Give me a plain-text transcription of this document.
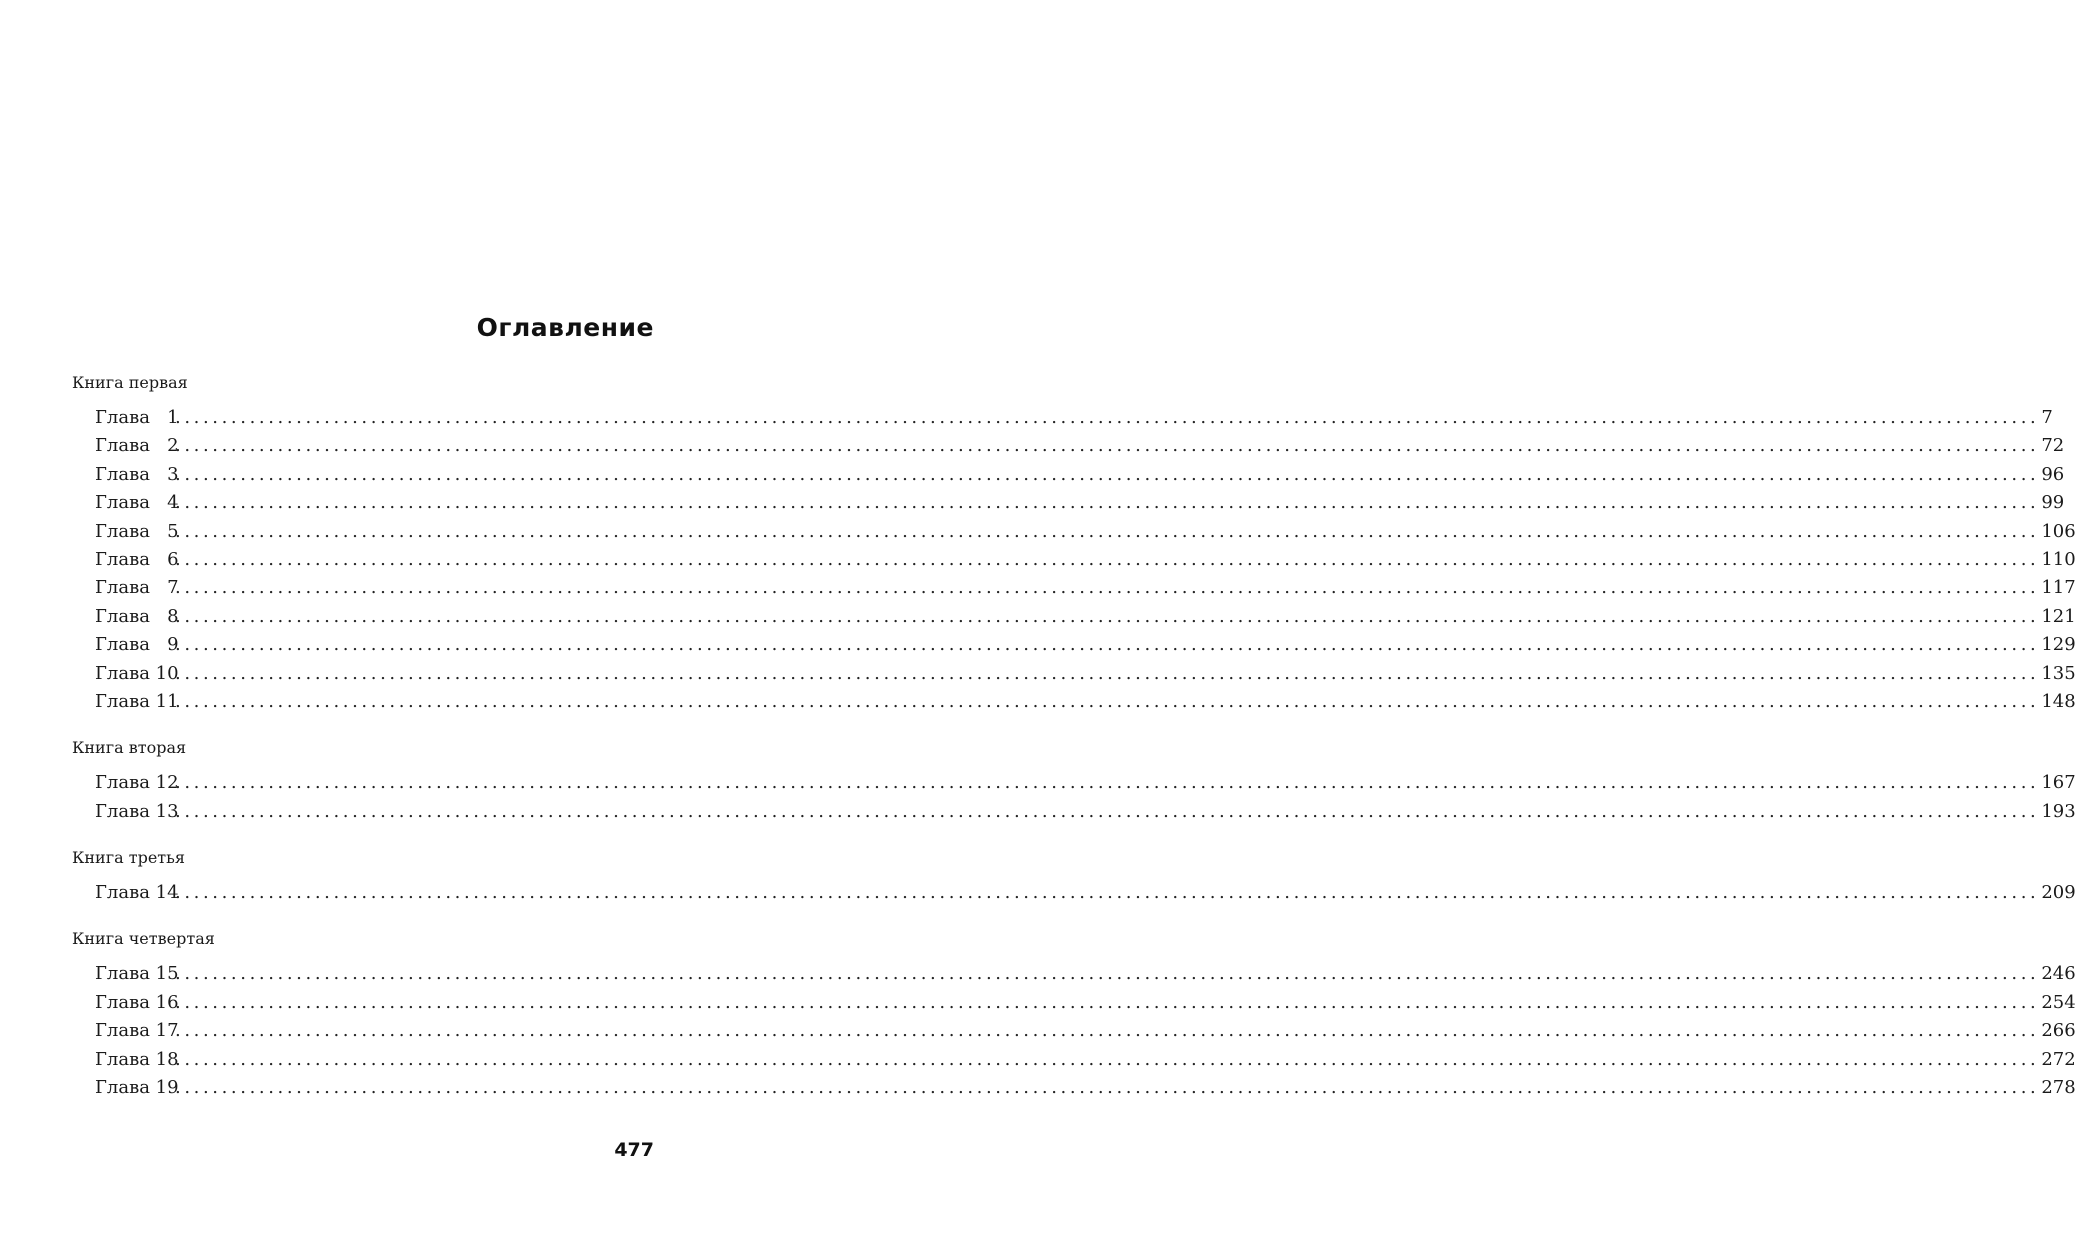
Оглавление
Книга первая
Глава   1
........................................................................................................................................................................................................ 7
Глава   2
........................................................................................................................................................................................................ 72
Глава   3
........................................................................................................................................................................................................ 96
Глава   4
........................................................................................................................................................................................................ 99
Глава   5
........................................................................................................................................................................................................ 106
Глава   6
........................................................................................................................................................................................................ 110
Глава   7
........................................................................................................................................................................................................ 117
Глава   8
........................................................................................................................................................................................................ 121
Глава   9
........................................................................................................................................................................................................ 129
Глава 10
........................................................................................................................................................................................................ 135
Глава 11
........................................................................................................................................................................................................ 148
Книга вторая
Глава 12
........................................................................................................................................................................................................ 167
Глава 13
........................................................................................................................................................................................................ 193
Книга третья
Глава 14
........................................................................................................................................................................................................ 209
Книга четвертая
Глава 15
........................................................................................................................................................................................................ 246
Глава 16
........................................................................................................................................................................................................ 254
Глава 17
........................................................................................................................................................................................................ 266
Глава 18
........................................................................................................................................................................................................ 272
Глава 19
........................................................................................................................................................................................................ 278
477
